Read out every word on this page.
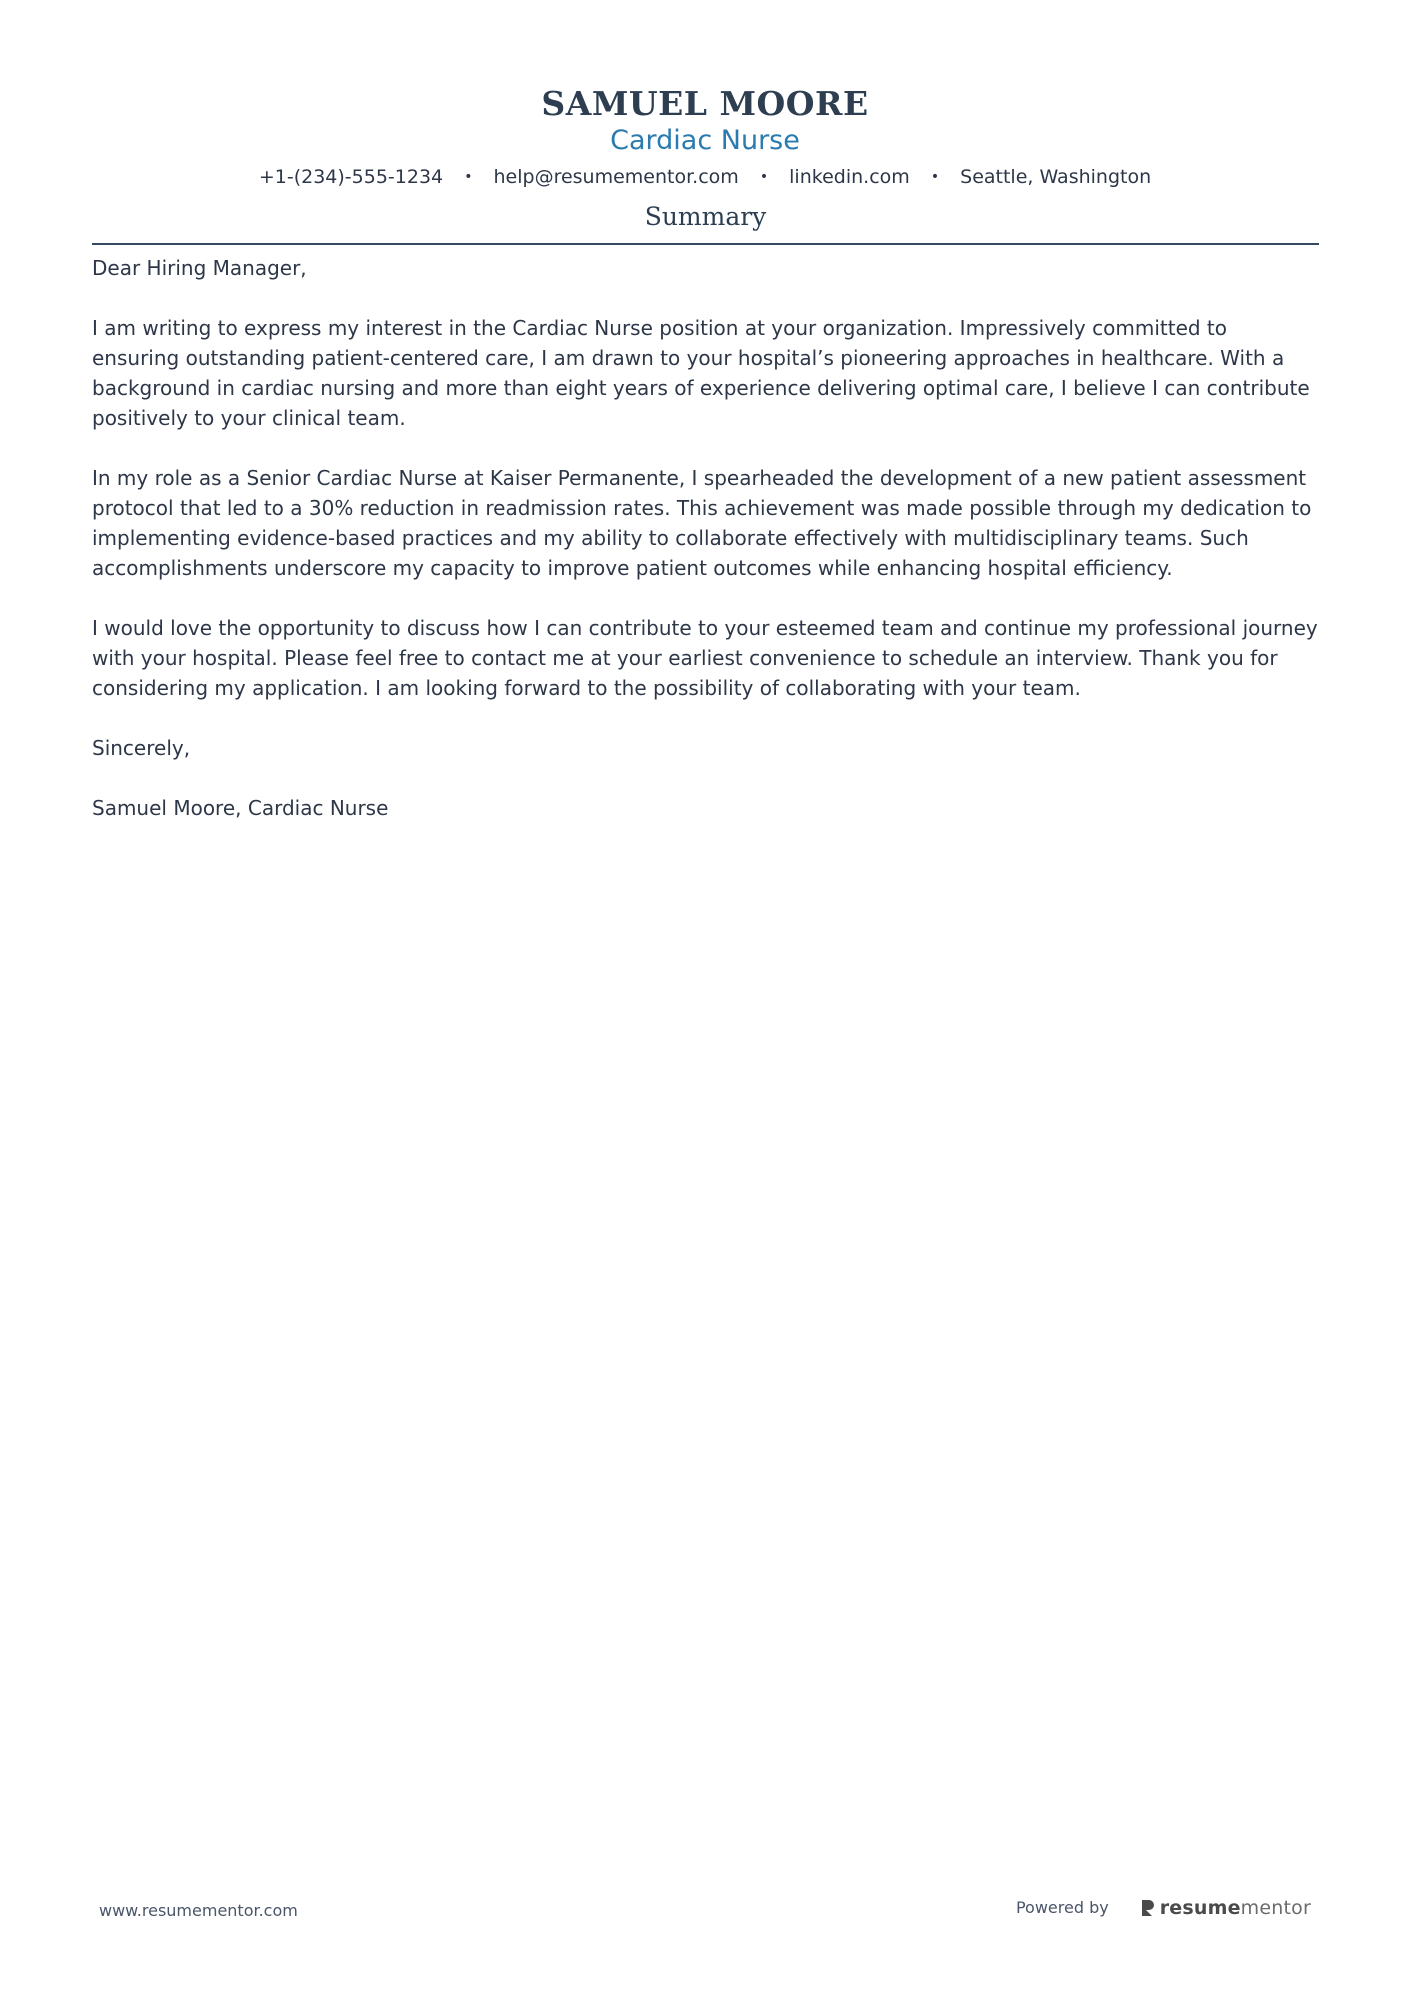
SAMUEL MOORE
Cardiac Nurse
+1-(234)-555-1234 • help@resumementor.com • linkedin.com • Seattle, Washington
Summary

Dear Hiring Manager,

I am writing to express my interest in the Cardiac Nurse position at your organization. Impressively committed to ensuring outstanding patient-centered care, I am drawn to your hospital’s pioneering approaches in healthcare. With a background in cardiac nursing and more than eight years of experience delivering optimal care, I believe I can contribute positively to your clinical team.

In my role as a Senior Cardiac Nurse at Kaiser Permanente, I spearheaded the development of a new patient assessment protocol that led to a 30% reduction in readmission rates. This achievement was made possible through my dedication to implementing evidence-based practices and my ability to collaborate effectively with multidisciplinary teams. Such accomplishments underscore my capacity to improve patient outcomes while enhancing hospital efficiency.

I would love the opportunity to discuss how I can contribute to your esteemed team and continue my professional journey with your hospital. Please feel free to contact me at your earliest convenience to schedule an interview. Thank you for considering my application. I am looking forward to the possibility of collaborating with your team.

Sincerely,

Samuel Moore, Cardiac Nurse

www.resumementor.com	Powered by	resumementor
